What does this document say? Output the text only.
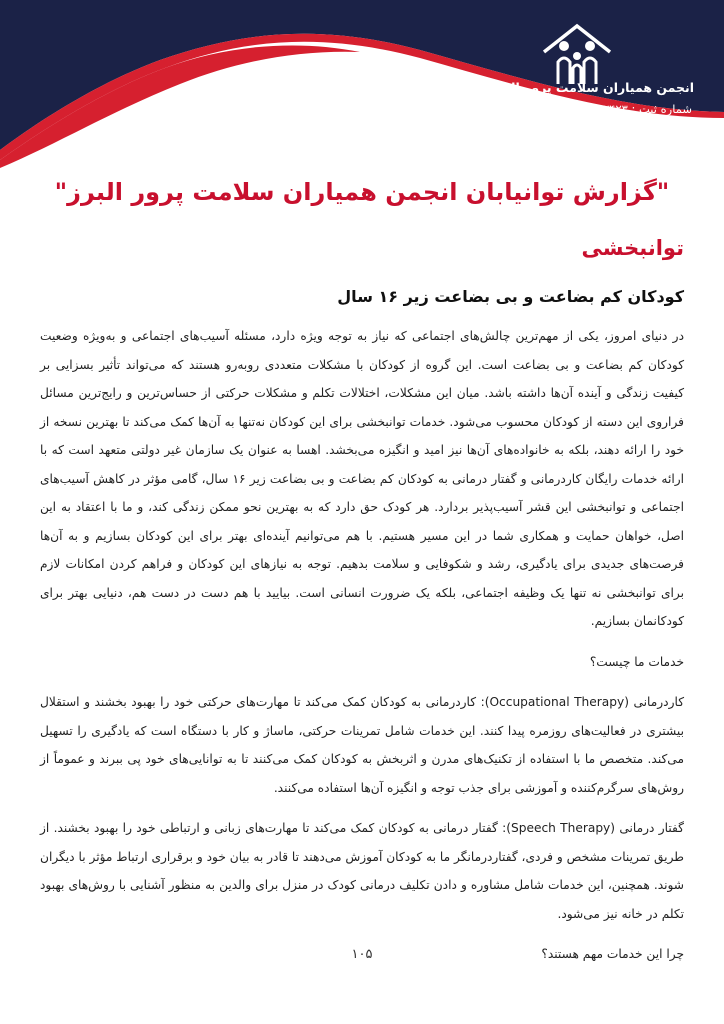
انجمن همیاران سلامت پرور البرز(اهسا)
شماره ثبت : ۲۴۲۳
"گزارش توانیابان انجمن همیاران سلامت پرور البرز"
توانبخشی
کودکان کم بضاعت و بی بضاعت زیر ۱۶ سال

در دنیای امروز، یکی از مهم‌ترین چالش‌های اجتماعی که نیاز به توجه ویژه دارد، مسئله آسیب‌های اجتماعی و به‌ویژه وضعیت کودکان کم بضاعت و بی بضاعت است. این گروه از کودکان با مشکلات متعددی روبه‌رو هستند که می‌تواند تأثیر بسزایی بر کیفیت زندگی و آینده آن‌ها داشته باشد. میان این مشکلات، اختلالات تکلم و مشکلات حرکتی از حساس‌ترین و رایج‌ترین مسائل فراروی این دسته از کودکان محسوب می‌شود. خدمات توانبخشی برای این کودکان نه‌تنها به آن‌ها کمک می‌کند تا بهترین نسخه از خود را ارائه دهند، بلکه به خانواده‌های آن‌ها نیز امید و انگیزه می‌بخشد. اهسا به عنوان یک سازمان غیر دولتی متعهد است که با ارائه خدمات رایگان کاردرمانی و گفتار درمانی به کودکان کم بضاعت و بی بضاعت زیر ۱۶ سال، گامی مؤثر در کاهش آسیب‌های اجتماعی و توانبخشی این قشر آسیب‌پذیر بردارد. هر کودک حق دارد که به بهترین نحو ممکن زندگی کند، و ما با اعتقاد به این اصل، خواهان حمایت و همکاری شما در این مسیر هستیم. با هم می‌توانیم آینده‌ای بهتر برای این کودکان بسازیم و به آن‌ها فرصت‌های جدیدی برای یادگیری، رشد و شکوفایی و سلامت بدهیم. توجه به نیازهای این کودکان و فراهم کردن امکانات لازم برای توانبخشی نه تنها یک وظیفه اجتماعی، بلکه یک ضرورت انسانی است. بیایید با هم دست در دست هم، دنیایی بهتر برای کودکانمان بسازیم.

خدمات ما چیست؟

کاردرمانی (Occupational Therapy): کاردرمانی به کودکان کمک می‌کند تا مهارت‌های حرکتی خود را بهبود بخشند و استقلال بیشتری در فعالیت‌های روزمره پیدا کنند. این خدمات شامل تمرینات حرکتی، ماساژ و کار با دستگاه است که یادگیری را تسهیل می‌کند. متخصص ما با استفاده از تکنیک‌های مدرن و اثربخش به کودکان کمک می‌کنند تا به توانایی‌های خود پی ببرند و عموماً از روش‌های سرگرم‌کننده و آموزشی برای جذب توجه و انگیزه آن‌ها استفاده می‌کنند.

گفتار درمانی (Speech Therapy): گفتار درمانی به کودکان کمک می‌کند تا مهارت‌های زبانی و ارتباطی خود را بهبود بخشند. از طریق تمرینات مشخص و فردی، گفتاردرمانگر ما به کودکان آموزش می‌دهند تا قادر به بیان خود و برقراری ارتباط مؤثر با دیگران شوند. همچنین، این خدمات شامل مشاوره و دادن تکلیف درمانی کودک در منزل برای والدین به منظور آشنایی با روش‌های بهبود تکلم در خانه نیز می‌شود.

چرا این خدمات مهم هستند؟

۱۰۵
